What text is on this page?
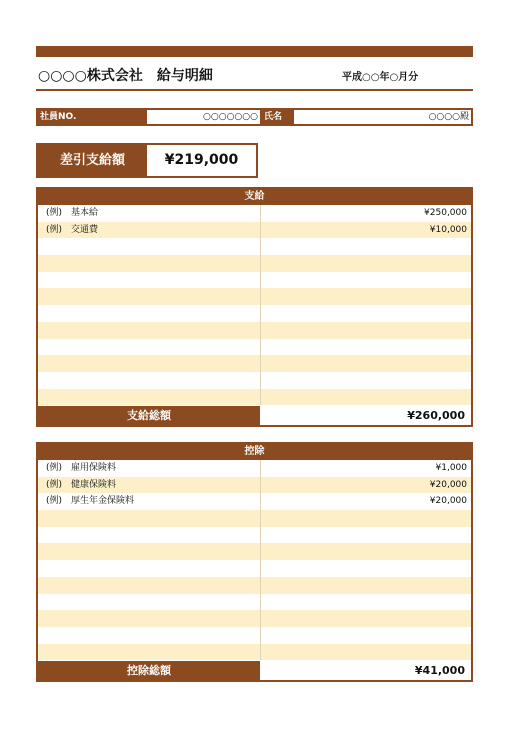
○○○○株式会社　給与明細	平成○○年○月分
社員NO.	○○○○○○○ 氏名	○○○○殿
差引支給額	¥219,000
支給
(例)　基本給	¥250,000
(例)　交通費	¥10,000
支給総額	¥260,000
控除
(例)　雇用保険料	¥1,000
(例)　健康保険料	¥20,000
(例)　厚生年金保険料	¥20,000
控除総額	¥41,000
